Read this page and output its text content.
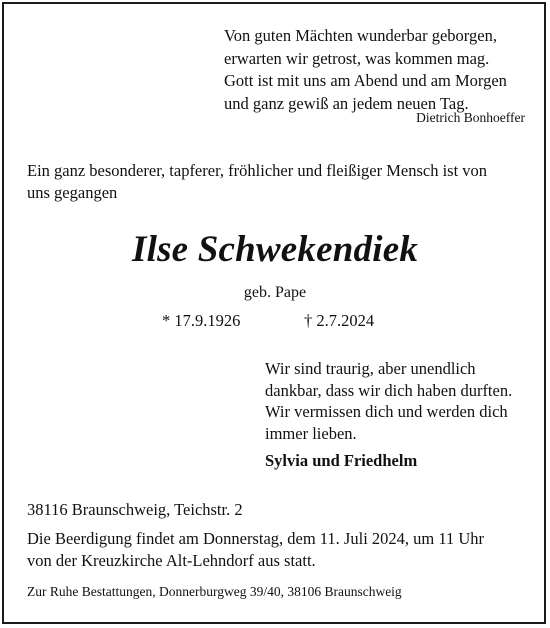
Von guten Mächten wunderbar geborgen,
erwarten wir getrost, was kommen mag.
Gott ist mit uns am Abend und am Morgen
und ganz gewiß an jedem neuen Tag.
Dietrich Bonhoeffer
Ein ganz besonderer, tapferer, fröhlicher und fleißiger Mensch ist von
uns gegangen
Ilse Schwekendiek
geb. Pape
* 17.9.1926	† 2.7.2024
Wir sind traurig, aber unendlich
dankbar, dass wir dich haben durften.
Wir vermissen dich und werden dich
immer lieben.
Sylvia und Friedhelm
38116 Braunschweig, Teichstr. 2
Die Beerdigung findet am Donnerstag, dem 11. Juli 2024, um 11 Uhr
von der Kreuzkirche Alt-Lehndorf aus statt.
Zur Ruhe Bestattungen, Donnerburgweg 39/40, 38106 Braunschweig
